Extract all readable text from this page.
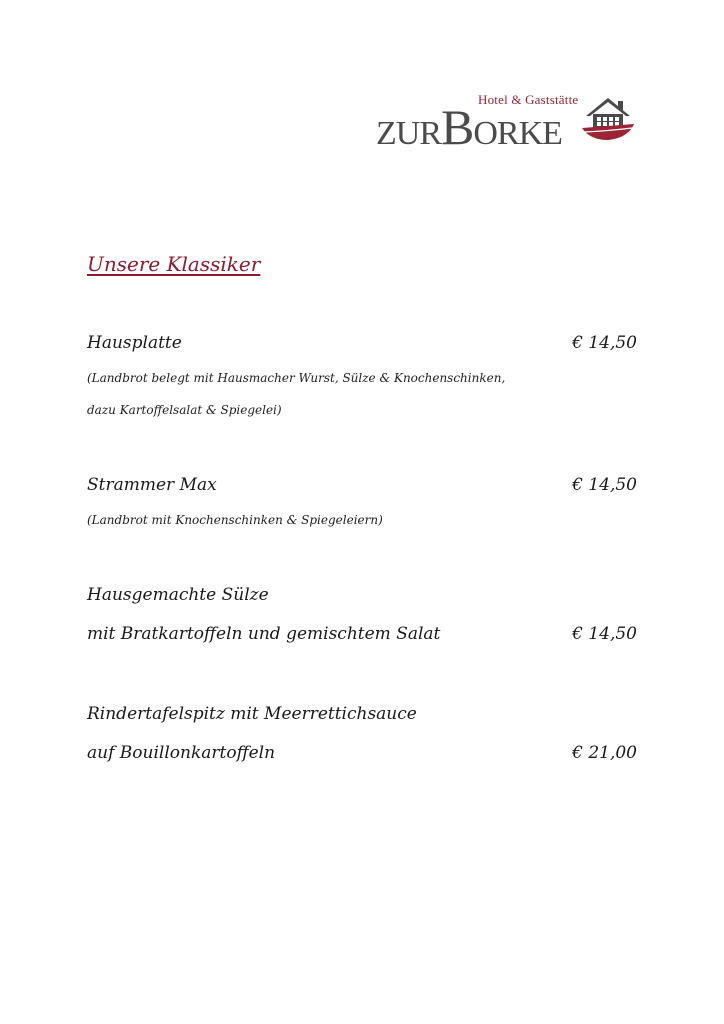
Hotel & Gaststätte
ZURBORKE
Unsere Klassiker
Hausplatte	€ 14,50
(Landbrot belegt mit Hausmacher Wurst, Sülze & Knochenschinken,
dazu Kartoffelsalat & Spiegelei)
Strammer Max	€ 14,50
(Landbrot mit Knochenschinken & Spiegeleiern)
Hausgemachte Sülze
mit Bratkartoffeln und gemischtem Salat	€ 14,50
Rindertafelspitz mit Meerrettichsauce
auf Bouillonkartoffeln	€ 21,00
